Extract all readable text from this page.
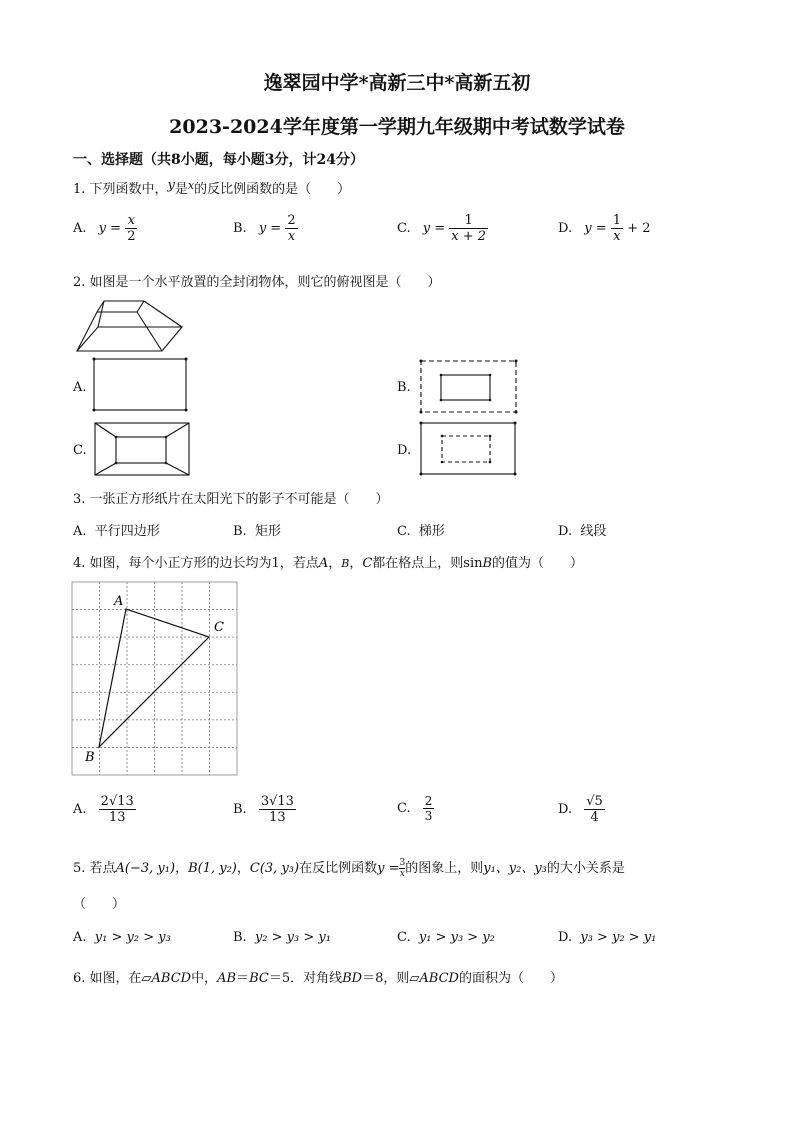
逸翠园中学*高新三中*高新五初
2023-2024学年度第一学期九年级期中考试数学试卷
一、选择题（共8小题，每小题3分，计24分）
1. 下列函数中，y是$^x$的反比例函数的是（　　）
A. $y = \frac{x}{2}$	B. $y = \frac{2}{x}$	C. $y = \frac{1}{x + 2}$	D. $y = \frac{1}{x} + 2$
2. 如图是一个水平放置的全封闭物体，则它的俯视图是（　　）
A.	B.
C.	D.
3. 一张正方形纸片在太阳光下的影子不可能是（　　）
A. 平行四边形	B. 矩形	C. 梯形	D. 线段
4. 如图，每个小正方形的边长均为1，若点A，B，C都在格点上，则sinB的值为（　　）
A
C
B
A. $\frac{2√13}{13}$	B. $\frac{3√13}{13}$	C. $\frac{2}{3}$	D. $\frac{√5}{4}$
5. 若点A(−3, y₁)，B(1, y₂)，C(3, y₃)在反比例函数$y = \frac{3}{x}$ 的图象上，则y₁、y₂、y₃的大小关系是
（　　）
A. y₁ > y₂ > y₃	B. y₂ > y₃ > y₁	C. y₁ > y₃ > y₂	D. y₃ > y₂ > y₁
6. 如图，在▱ABCD中，AB＝BC＝5．对角线BD＝8，则▱ABCD的面积为（　　）
